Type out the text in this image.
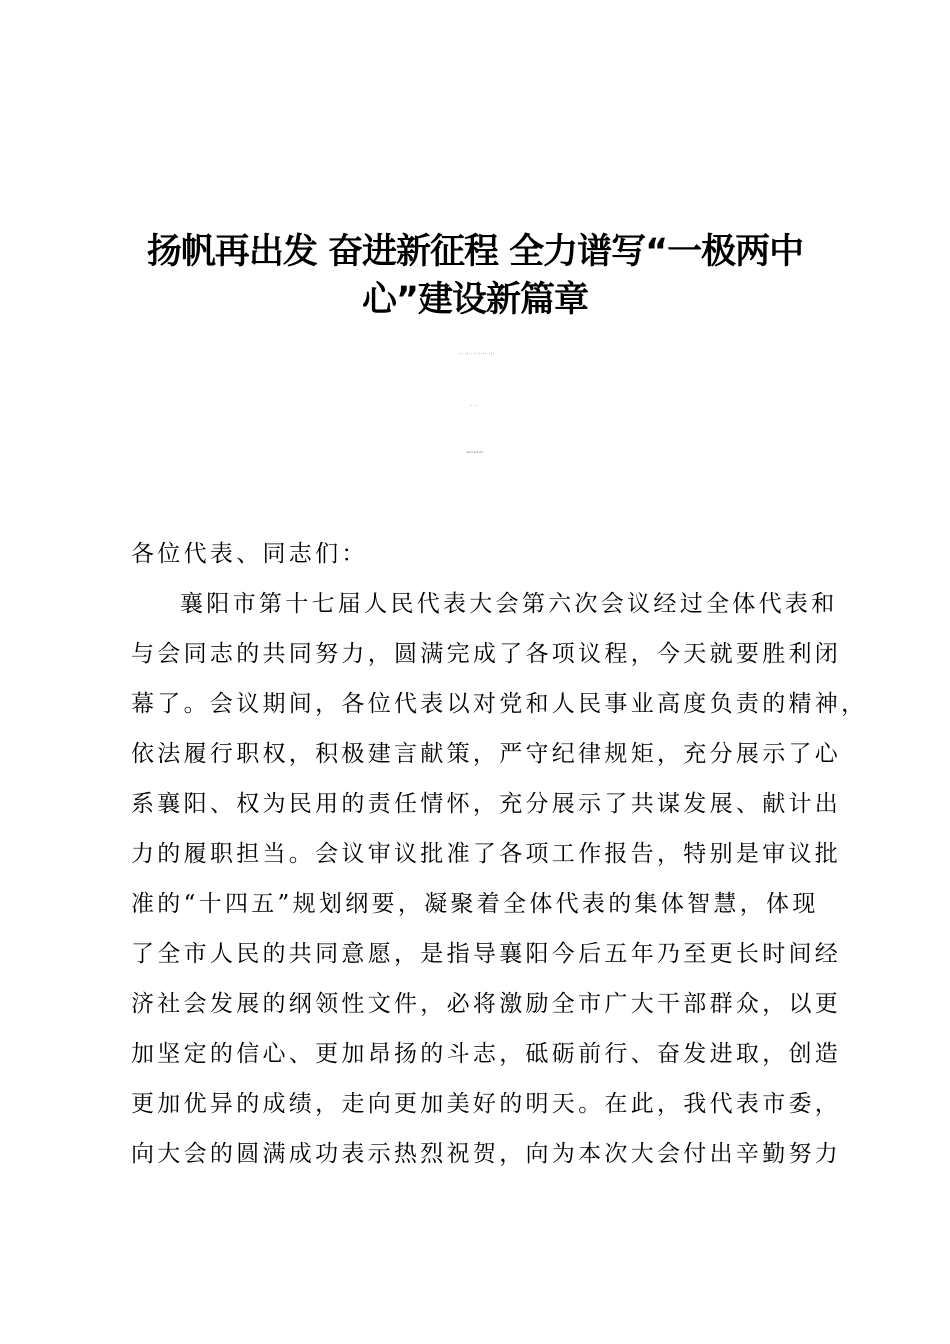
扬帆再出发 奋进新征程 全力谱写“一极两中
心”建设新篇章
——在市十七届人大六次会议闭幕式上的讲话
李乐成
2021 年 01 月 14 日
各位代表、同志们：
襄阳市第十七届人民代表大会第六次会议经过全体代表和
与会同志的共同努力，圆满完成了各项议程，今天就要胜利闭
幕了。会议期间，各位代表以对党和人民事业高度负责的精神，
依法履行职权，积极建言献策，严守纪律规矩，充分展示了心
系襄阳、权为民用的责任情怀，充分展示了共谋发展、献计出
力的履职担当。会议审议批准了各项工作报告，特别是审议批
准的“十四五”规划纲要，凝聚着全体代表的集体智慧，体现
了全市人民的共同意愿，是指导襄阳今后五年乃至更长时间经
济社会发展的纲领性文件，必将激励全市广大干部群众，以更
加坚定的信心、更加昂扬的斗志，砥砺前行、奋发进取，创造
更加优异的成绩，走向更加美好的明天。在此，我代表市委，
向大会的圆满成功表示热烈祝贺，向为本次大会付出辛勤努力
